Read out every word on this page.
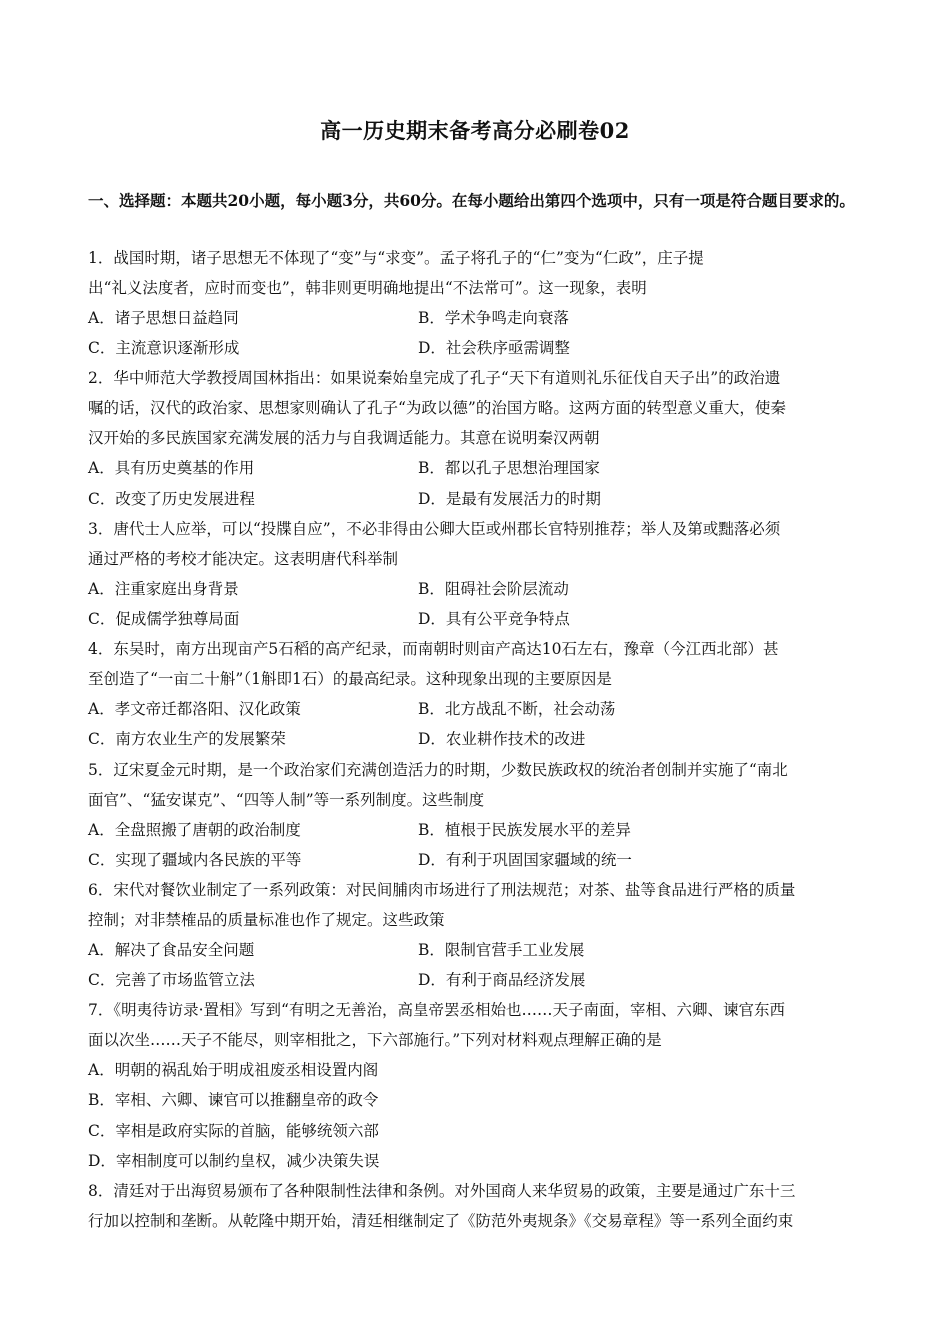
高一历史期末备考高分必刷卷02
一、选择题：本题共20小题，每小题3分，共60分。在每小题给出第四个选项中，只有一项是符合题目要求的。
1．战国时期，诸子思想无不体现了“变”与“求变”。孟子将孔子的“仁”变为“仁政”，庄子提
出“礼义法度者，应时而变也”，韩非则更明确地提出“不法常可”。这一现象，表明
A．诸子思想日益趋同	B．学术争鸣走向衰落
C．主流意识逐渐形成	D．社会秩序亟需调整
2．华中师范大学教授周国林指出：如果说秦始皇完成了孔子“天下有道则礼乐征伐自天子出”的政治遗
嘱的话，汉代的政治家、思想家则确认了孔子“为政以德”的治国方略。这两方面的转型意义重大，使秦
汉开始的多民族国家充满发展的活力与自我调适能力。其意在说明秦汉两朝
A．具有历史奠基的作用	B．都以孔子思想治理国家
C．改变了历史发展进程	D．是最有发展活力的时期
3．唐代士人应举，可以“投牒自应”，不必非得由公卿大臣或州郡长官特别推荐；举人及第或黜落必须
通过严格的考校才能决定。这表明唐代科举制
A．注重家庭出身背景	B．阻碍社会阶层流动
C．促成儒学独尊局面	D．具有公平竞争特点
4．东吴时，南方出现亩产5石稻的高产纪录，而南朝时则亩产高达10石左右，豫章（今江西北部）甚
至创造了“一亩二十斛”（1斛即1石）的最高纪录。这种现象出现的主要原因是
A．孝文帝迁都洛阳、汉化政策	B．北方战乱不断，社会动荡
C．南方农业生产的发展繁荣	D．农业耕作技术的改进
5．辽宋夏金元时期，是一个政治家们充满创造活力的时期，少数民族政权的统治者创制并实施了“南北
面官”、“猛安谋克”、“四等人制”等一系列制度。这些制度
A．全盘照搬了唐朝的政治制度	B．植根于民族发展水平的差异
C．实现了疆域内各民族的平等	D．有利于巩固国家疆域的统一
6．宋代对餐饮业制定了一系列政策：对民间脯肉市场进行了刑法规范；对茶、盐等食品进行严格的质量
控制；对非禁榷品的质量标准也作了规定。这些政策
A．解决了食品安全问题	B．限制官营手工业发展
C．完善了市场监管立法	D．有利于商品经济发展
7．《明夷待访录·置相》写到“有明之无善治，高皇帝罢丞相始也……天子南面，宰相、六卿、谏官东西
面以次坐……天子不能尽，则宰相批之，下六部施行。”下列对材料观点理解正确的是
A．明朝的祸乱始于明成祖废丞相设置内阁
B．宰相、六卿、谏官可以推翻皇帝的政令
C．宰相是政府实际的首脑，能够统领六部
D．宰相制度可以制约皇权，减少决策失误
8．清廷对于出海贸易颁布了各种限制性法律和条例。对外国商人来华贸易的政策，主要是通过广东十三
行加以控制和垄断。从乾隆中期开始，清廷相继制定了《防范外夷规条》《交易章程》等一系列全面约束
